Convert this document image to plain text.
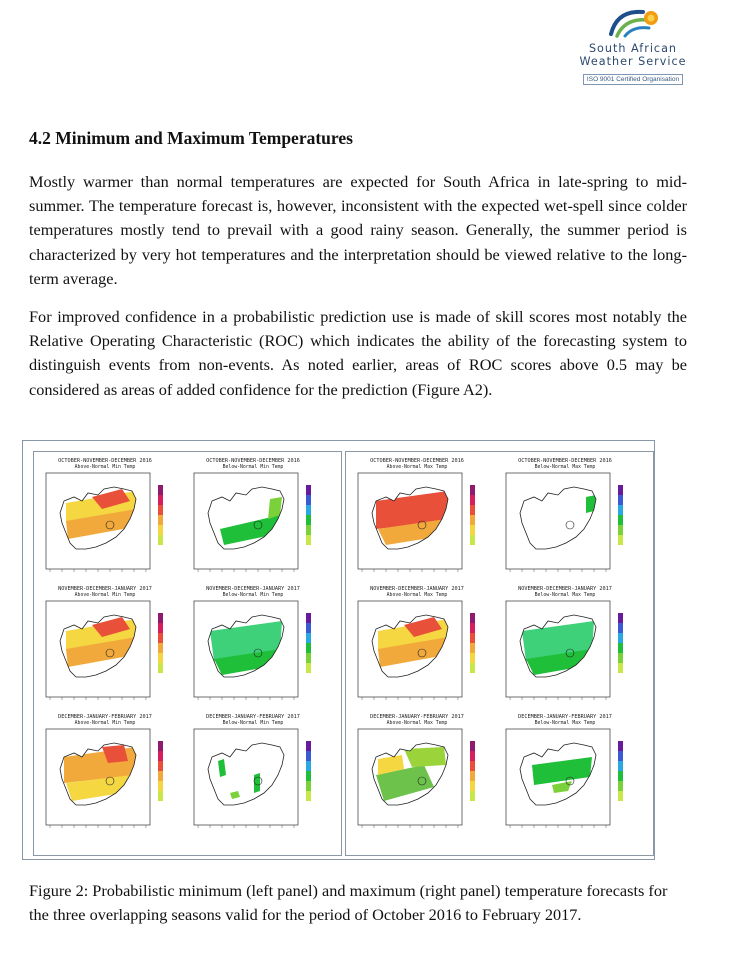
South African
Weather Service
ISO 9001 Certified Organisation
4.2 Minimum and Maximum Temperatures

Mostly warmer than normal temperatures are expected for South Africa in late-spring to mid-summer. The temperature forecast is, however, inconsistent with the expected wet-spell since colder temperatures mostly tend to prevail with a good rainy season. Generally, the summer period is characterized by very hot temperatures and the interpretation should be viewed relative to the long-term average.

For improved confidence in a probabilistic prediction use is made of skill scores most notably the Relative Operating Characteristic (ROC) which indicates the ability of the forecasting system to distinguish events from non-events. As noted earlier, areas of ROC scores above 0.5 may be considered as areas of added confidence for the prediction (Figure A2).

OCTOBER-NOVEMBER-DECEMBER 2016
Above-Normal Min Temp
OCTOBER-NOVEMBER-DECEMBER 2016
Below-Normal Min Temp
NOVEMBER-DECEMBER-JANUARY 2017
Above-Normal Min Temp
NOVEMBER-DECEMBER-JANUARY 2017
Below-Normal Min Temp
DECEMBER-JANUARY-FEBRUARY 2017
Above-Normal Min Temp
DECEMBER-JANUARY-FEBRUARY 2017
Below-Normal Min Temp
OCTOBER-NOVEMBER-DECEMBER 2016
Above-Normal Max Temp
OCTOBER-NOVEMBER-DECEMBER 2016
Below-Normal Max Temp
NOVEMBER-DECEMBER-JANUARY 2017
Above-Normal Max Temp
NOVEMBER-DECEMBER-JANUARY 2017
Below-Normal Max Temp
DECEMBER-JANUARY-FEBRUARY 2017
Above-Normal Max Temp
DECEMBER-JANUARY-FEBRUARY 2017
Below-Normal Max Temp

Figure 2: Probabilistic minimum (left panel) and maximum (right panel) temperature forecasts for the three overlapping seasons valid for the period of October 2016 to February 2017.
